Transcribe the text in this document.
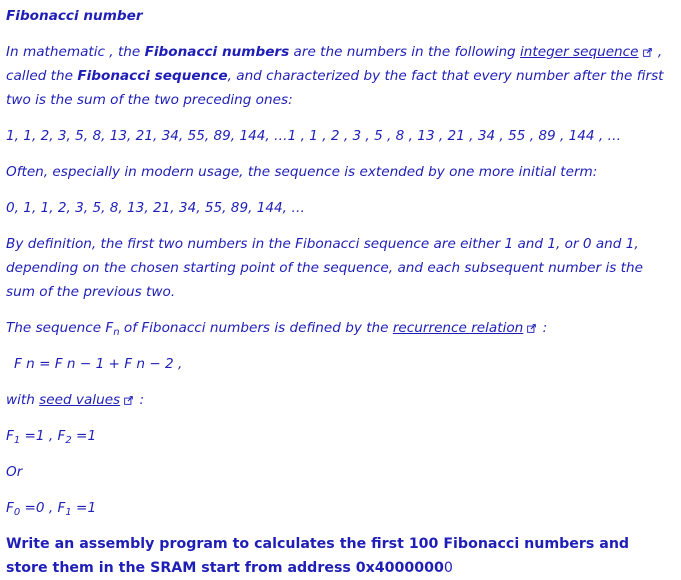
Fibonacci number

In mathematic , the Fibonacci numbers are the numbers in the following integer sequence , called the Fibonacci sequence, and characterized by the fact that every number after the first two is the sum of the two preceding ones:

1, 1, 2, 3, 5, 8, 13, 21, 34, 55, 89, 144, …1 , 1 , 2 , 3 , 5 , 8 , 13 , 21 , 34 , 55 , 89 , 144 , …

Often, especially in modern usage, the sequence is extended by one more initial term:

0, 1, 1, 2, 3, 5, 8, 13, 21, 34, 55, 89, 144, …

By definition, the first two numbers in the Fibonacci sequence are either 1 and 1, or 0 and 1, depending on the chosen starting point of the sequence, and each subsequent number is the sum of the previous two.

The sequence $F_n$ of Fibonacci numbers is defined by the recurrence relation :

F n = F n − 1 + F n − 2 ,

with seed values :

$F_1 =1$ , $F_2 =1$

Or

$F_0 =0$ , $F_1 =1$

Write an assembly program to calculates the first 100 Fibonacci numbers and store them in the SRAM start from address 0x40000000
